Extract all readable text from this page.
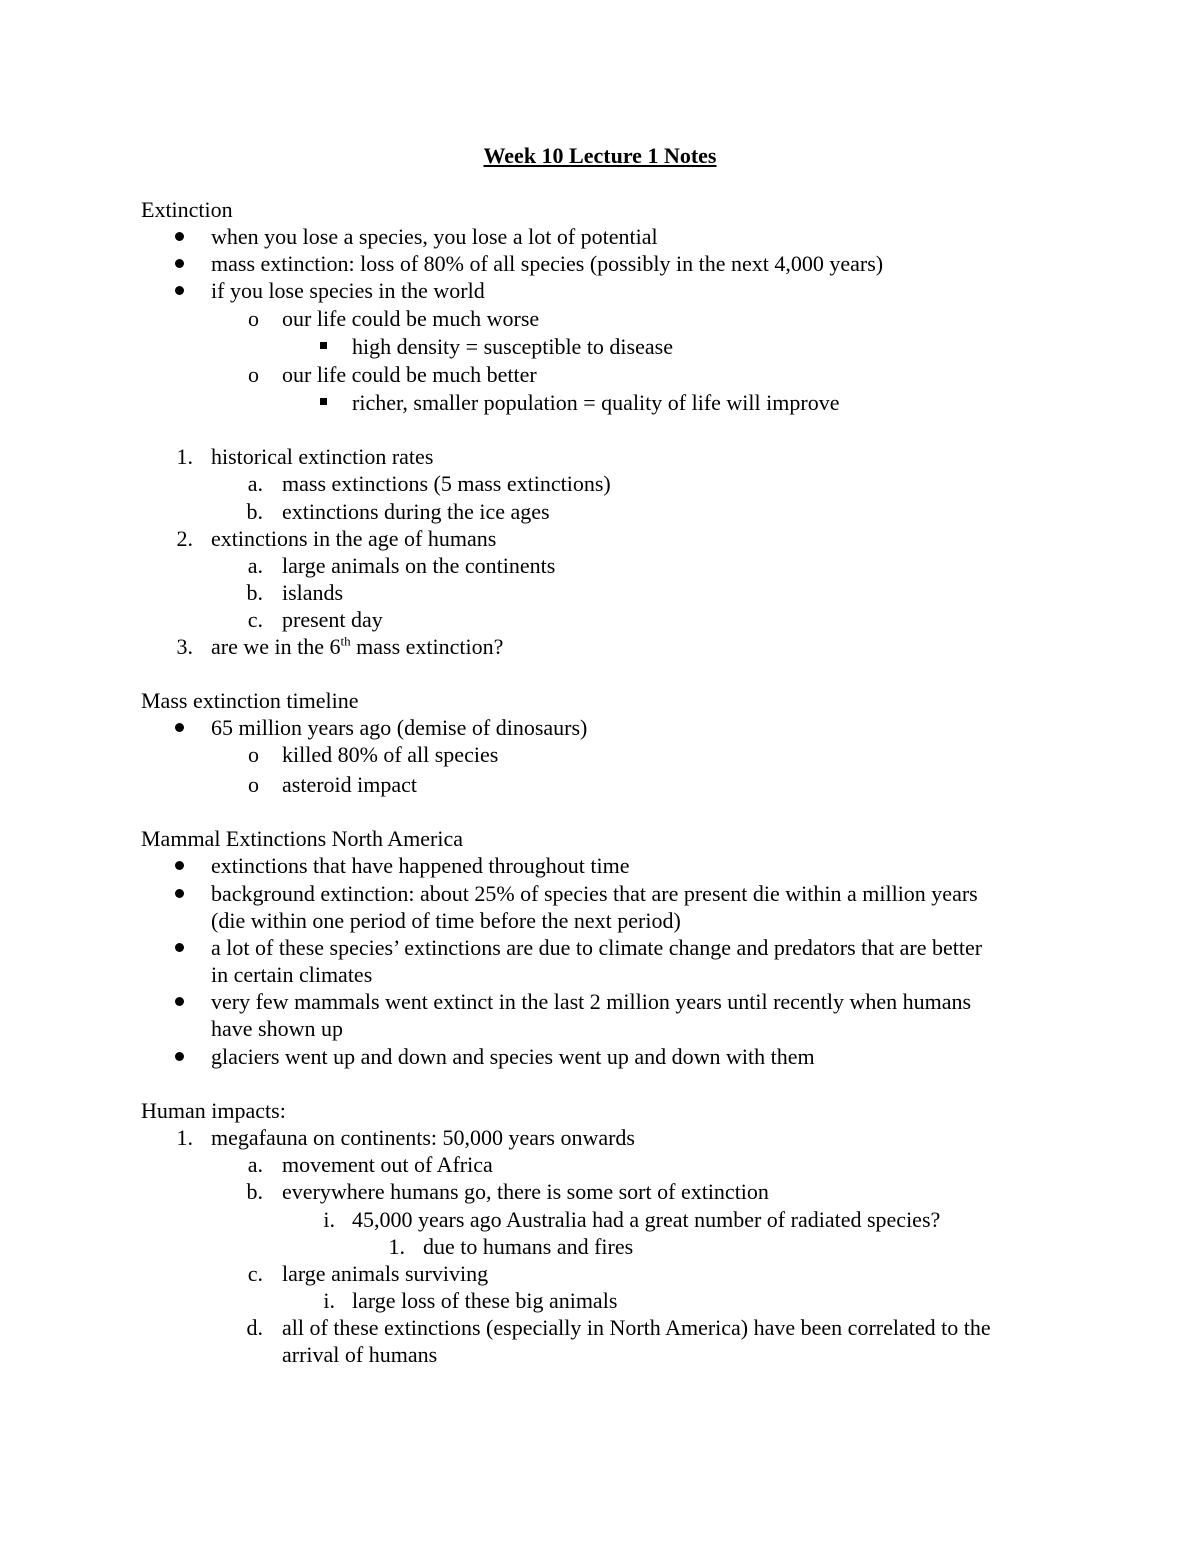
Week 10 Lecture 1 Notes
Extinction
when you lose a species, you lose a lot of potential
mass extinction: loss of 80% of all species (possibly in the next 4,000 years)
if you lose species in the world
o our life could be much worse
high density = susceptible to disease
o our life could be much better
richer, smaller population = quality of life will improve
1. historical extinction rates
a. mass extinctions (5 mass extinctions)
b. extinctions during the ice ages
2. extinctions in the age of humans
a. large animals on the continents
b. islands
c. present day
3. are we in the 6th mass extinction?
Mass extinction timeline
65 million years ago (demise of dinosaurs)
o killed 80% of all species
o asteroid impact
Mammal Extinctions North America
extinctions that have happened throughout time
background extinction: about 25% of species that are present die within a million years
(die within one period of time before the next period)
a lot of these species’ extinctions are due to climate change and predators that are better
in certain climates
very few mammals went extinct in the last 2 million years until recently when humans
have shown up
glaciers went up and down and species went up and down with them
Human impacts:
1. megafauna on continents: 50,000 years onwards
a. movement out of Africa
b. everywhere humans go, there is some sort of extinction
i. 45,000 years ago Australia had a great number of radiated species?
1. due to humans and fires
c. large animals surviving
i. large loss of these big animals
d. all of these extinctions (especially in North America) have been correlated to the
arrival of humans
